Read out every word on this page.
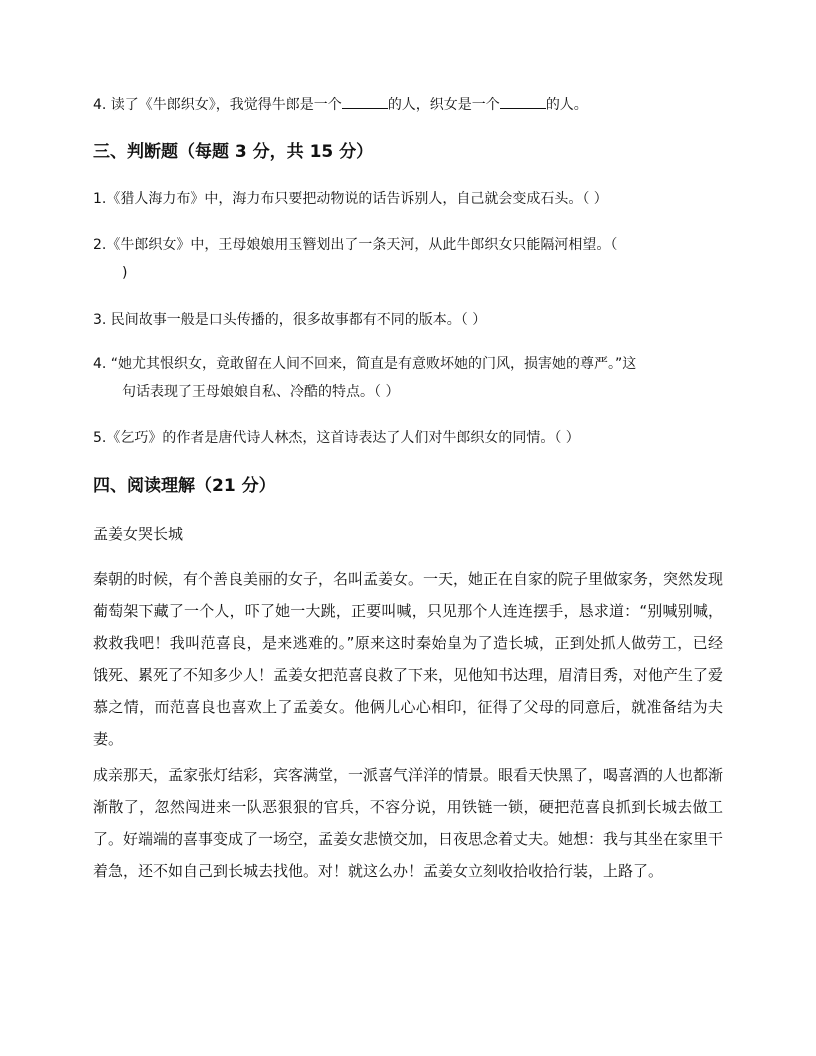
4. 读了《牛郎织女》，我觉得牛郎是一个	的人，织女是一个	的人。
三、判断题（每题 3 分，共 15 分）
1.《猎人海力布》中，海力布只要把动物说的话告诉别人，自己就会变成石头。（ ）
2.《牛郎织女》中，王母娘娘用玉簪划出了一条天河，从此牛郎织女只能隔河相望。（
)
3. 民间故事一般是口头传播的，很多故事都有不同的版本。（ ）
4. “她尤其恨织女，竟敢留在人间不回来，简直是有意败坏她的门风，损害她的尊严。”这
句话表现了王母娘娘自私、冷酷的特点。（ ）
5.《乞巧》的作者是唐代诗人林杰，这首诗表达了人们对牛郎织女的同情。（ ）
四、阅读理解（21 分）
孟姜女哭长城
秦朝的时候，有个善良美丽的女子，名叫孟姜女。一天，她正在自家的院子里做家务，突然发现葡萄架下藏了一个人，吓了她一大跳，正要叫喊，只见那个人连连摆手，恳求道：“别喊别喊，救救我吧！我叫范喜良，是来逃难的。”原来这时秦始皇为了造长城，正到处抓人做劳工，已经饿死、累死了不知多少人！孟姜女把范喜良救了下来，见他知书达理，眉清目秀，对他产生了爱慕之情，而范喜良也喜欢上了孟姜女。他俩儿心心相印，征得了父母的同意后，就准备结为夫妻。
成亲那天，孟家张灯结彩，宾客满堂，一派喜气洋洋的情景。眼看天快黑了，喝喜酒的人也都渐渐散了，忽然闯进来一队恶狠狠的官兵，不容分说，用铁链一锁，硬把范喜良抓到长城去做工了。好端端的喜事变成了一场空，孟姜女悲愤交加，日夜思念着丈夫。她想：我与其坐在家里干着急，还不如自己到长城去找他。对！就这么办！孟姜女立刻收拾收拾行装，上路了。
